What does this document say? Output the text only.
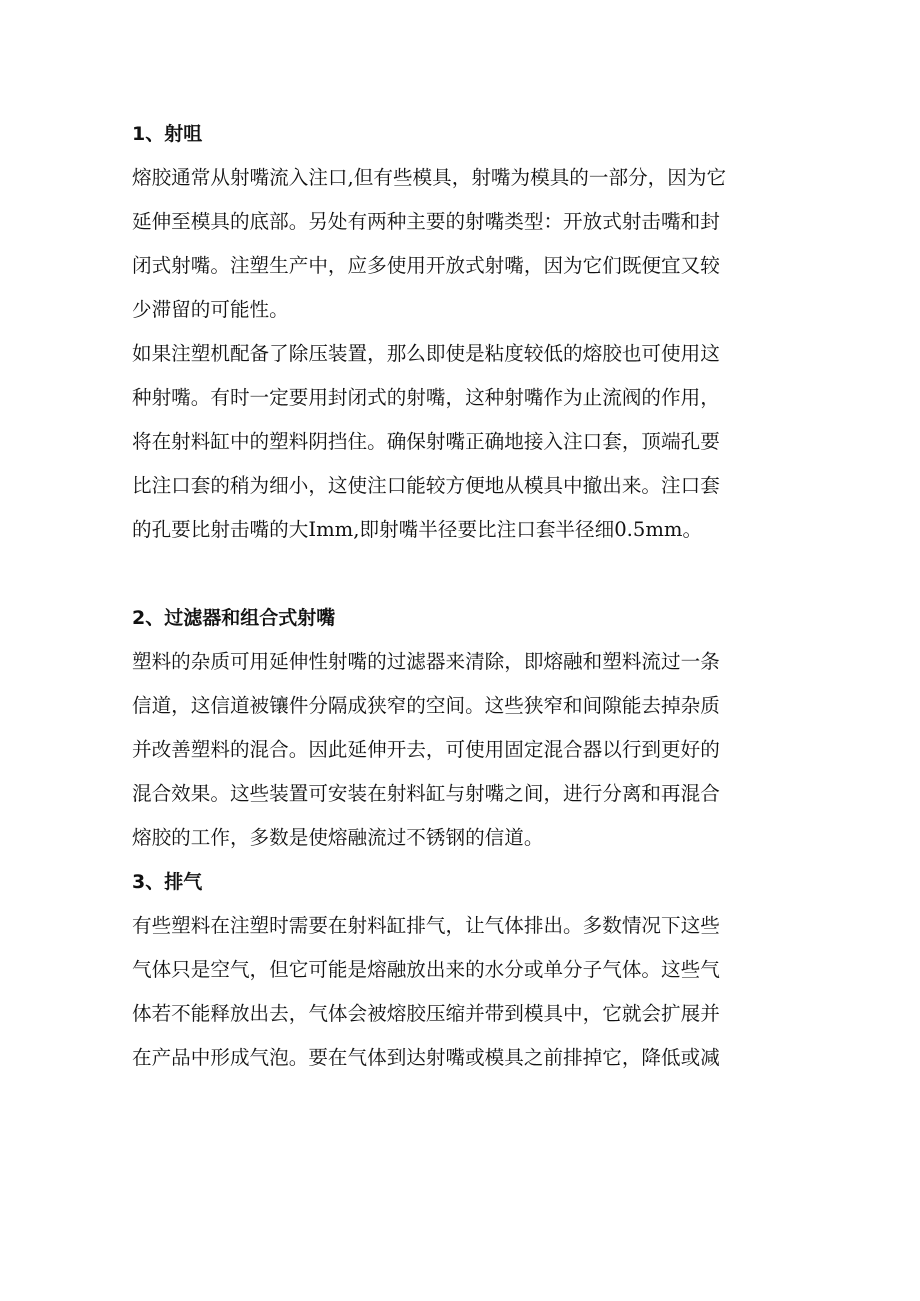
1、射咀

熔胶通常从射嘴流入注口,但有些模具，射嘴为模具的一部分，因为它
延伸至模具的底部。另处有两种主要的射嘴类型：开放式射击嘴和封
闭式射嘴。注塑生产中，应多使用开放式射嘴，因为它们既便宜又较
少滞留的可能性。

如果注塑机配备了除压装置，那么即使是粘度较低的熔胶也可使用这
种射嘴。有时一定要用封闭式的射嘴，这种射嘴作为止流阀的作用，
将在射料缸中的塑料阴挡住。确保射嘴正确地接入注口套，顶端孔要
比注口套的稍为细小，这使注口能较方便地从模具中撤出来。注口套
的孔要比射击嘴的大Imm,即射嘴半径要比注口套半径细0.5mm。

2、过滤器和组合式射嘴

塑料的杂质可用延伸性射嘴的过滤器来清除，即熔融和塑料流过一条
信道，这信道被镶件分隔成狭窄的空间。这些狭窄和间隙能去掉杂质
并改善塑料的混合。因此延伸开去，可使用固定混合器以行到更好的
混合效果。这些装置可安装在射料缸与射嘴之间，进行分离和再混合
熔胶的工作，多数是使熔融流过不锈钢的信道。

3、排气

有些塑料在注塑时需要在射料缸排气，让气体排出。多数情况下这些
气体只是空气，但它可能是熔融放出来的水分或单分子气体。这些气
体若不能释放出去，气体会被熔胶压缩并带到模具中，它就会扩展并
在产品中形成气泡。要在气体到达射嘴或模具之前排掉它，降低或减
